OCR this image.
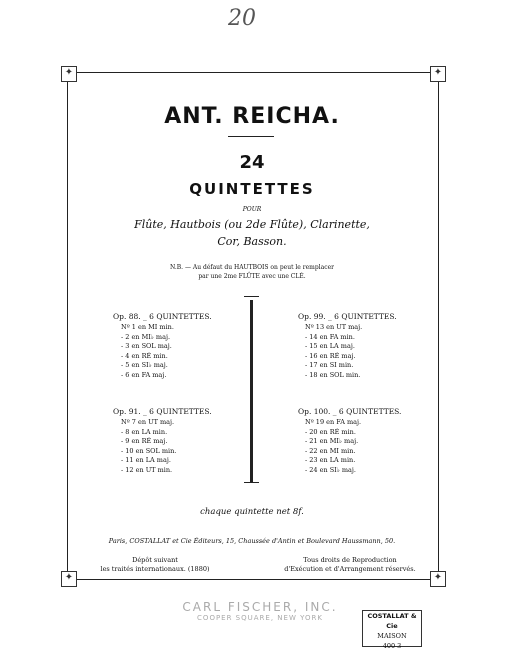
20
✦	✦
✦	✦
ANT. REICHA.
24
QUINTETTES
POUR
Flûte, Hautbois (ou 2de Flûte), Clarinette,
Cor, Basson.
N.B. — Au défaut du HAUTBOIS on peut le remplacer
par une 2me FLÛTE avec une CLÉ.
Op. 88. _ 6 QUINTETTES.
Nº 1 en MI min.
- 2 en MI♭ maj.
- 3 en SOL maj.
- 4 en RÉ min.
- 5 en SI♭ maj.
- 6 en FA maj.
Op. 99. _ 6 QUINTETTES.
Nº 13 en UT maj.
- 14 en FA min.
- 15 en LA maj.
- 16 en RÉ maj.
- 17 en SI min.
- 18 en SOL min.
Op. 91. _ 6 QUINTETTES.
Nº 7 en UT maj.
- 8 en LA min.
- 9 en RÉ maj.
- 10 en SOL min.
- 11 en LA maj.
- 12 en UT min.
Op. 100. _ 6 QUINTETTES.
Nº 19 en FA maj.
- 20 en RÉ min.
- 21 en MI♭ maj.
- 22 en MI min.
- 23 en LA min.
- 24 en SI♭ maj.
chaque quintette net 8f.
Paris, COSTALLAT et Cie Éditeurs, 15, Chaussée d'Antin et Boulevard Haussmann, 50.
Dépôt suivant
les traités internationaux. (1880)
Tous droits de Reproduction
d'Exécution et d'Arrangement réservés.
CARL FISCHER, INC.
COOPER SQUARE, NEW YORK	COSTALLAT & Cie
MAISON
400 3
